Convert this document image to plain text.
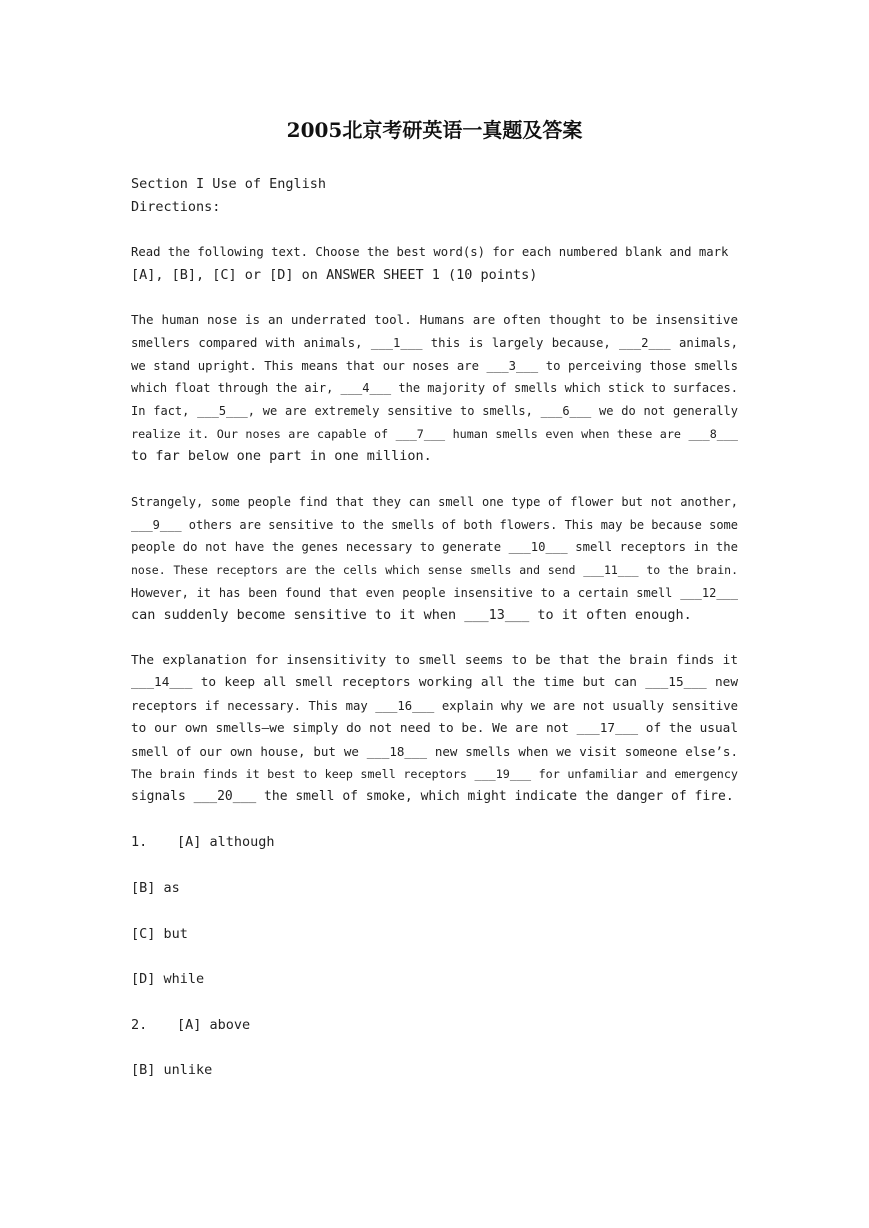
2005北京考研英语一真题及答案
Section I Use of English
Directions:
Read the following text. Choose the best word(s) for each numbered blank and mark
[A], [B], [C] or [D] on ANSWER SHEET 1 (10 points)
The human nose is an underrated tool. Humans are often thought to be insensitive
smellers compared with animals, ___1___ this is largely because, ___2___ animals,
we stand upright. This means that our noses are ___3___ to perceiving those smells
which float through the air, ___4___ the majority of smells which stick to surfaces.
In fact, ___5___, we are extremely sensitive to smells, ___6___ we do not generally
realize it. Our noses are capable of ___7___ human smells even when these are ___8___
to far below one part in one million.
Strangely, some people find that they can smell one type of flower but not another,
___9___ others are sensitive to the smells of both flowers. This may be because some
people do not have the genes necessary to generate ___10___ smell receptors in the
nose. These receptors are the cells which sense smells and send ___11___ to the brain.
However, it has been found that even people insensitive to a certain smell ___12___
can suddenly become sensitive to it when ___13___ to it often enough.
The explanation for insensitivity to smell seems to be that the brain finds it
___14___ to keep all smell receptors working all the time but can ___15___ new
receptors if necessary. This may ___16___ explain why we are not usually sensitive
to our own smells—we simply do not need to be. We are not ___17___ of the usual
smell of our own house, but we ___18___ new smells when we visit someone else’s.
The brain finds it best to keep smell receptors ___19___ for unfamiliar and emergency
signals ___20___ the smell of smoke, which might indicate the danger of fire.
1. [A] although
[B] as
[C] but
[D] while
2. [A] above
[B] unlike
